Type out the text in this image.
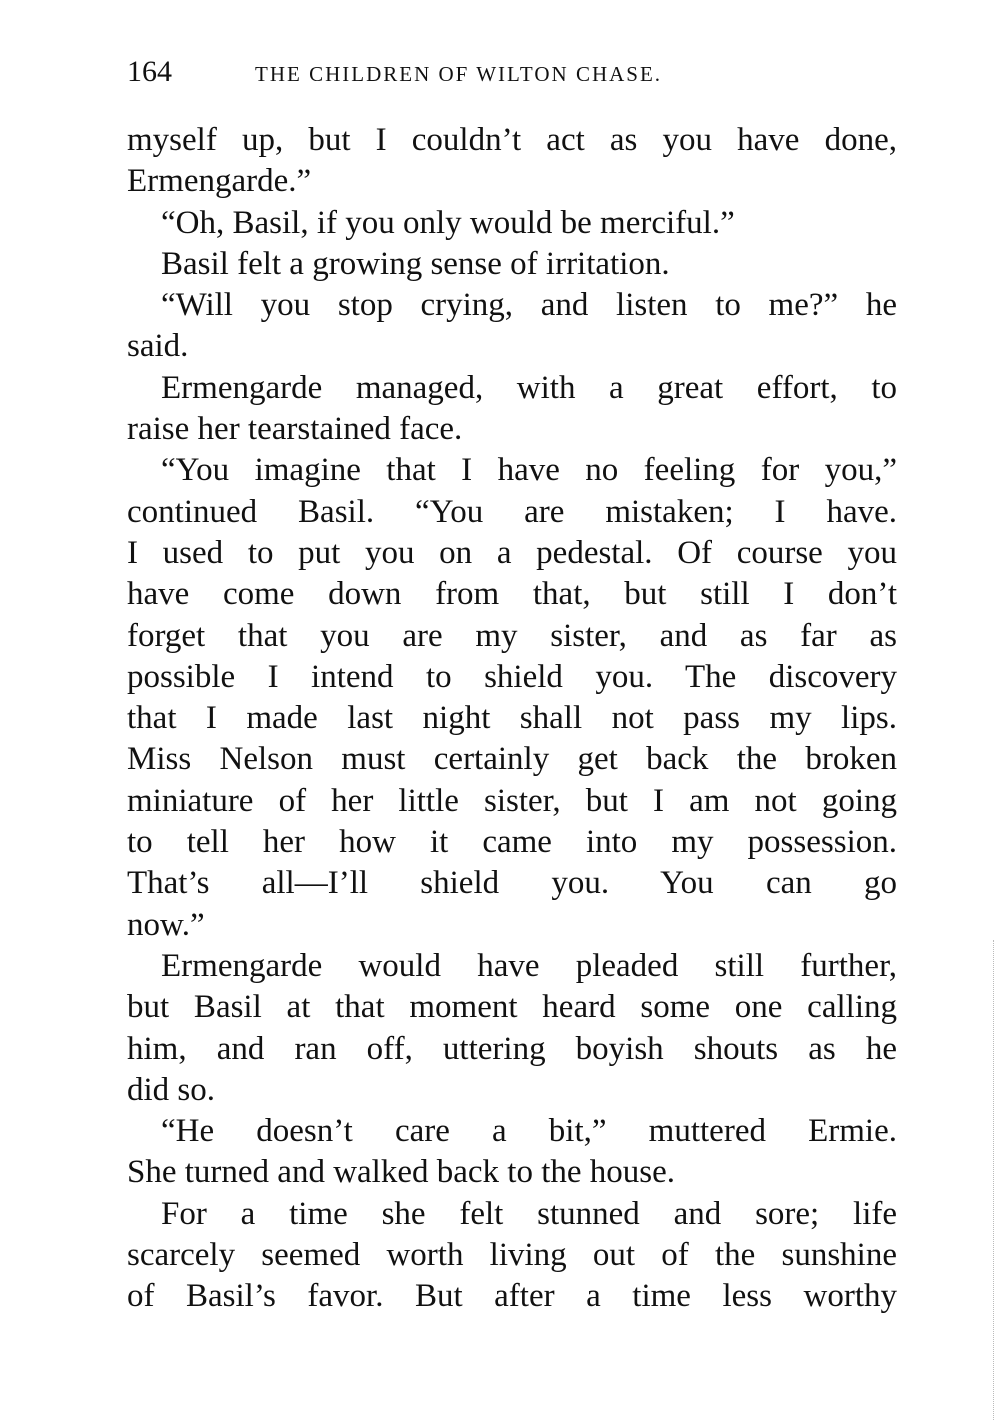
164	THE CHILDREN OF WILTON CHASE.
myself up, but I couldn’t act as you have done,
Ermengarde.”
“Oh, Basil, if you only would be merciful.”
Basil felt a growing sense of irritation.
“Will you stop crying, and listen to me?” he
said.
Ermengarde managed, with a great effort, to
raise her tearstained face.
“You imagine that I have no feeling for you,”
continued Basil. “You are mistaken; I have.
I used to put you on a pedestal. Of course you
have come down from that, but still I don’t
forget that you are my sister, and as far as
possible I intend to shield you. The discovery
that I made last night shall not pass my lips.
Miss Nelson must certainly get back the broken
miniature of her little sister, but I am not going
to tell her how it came into my possession.
That’s all—I’ll shield you. You can go
now.”
Ermengarde would have pleaded still further,
but Basil at that moment heard some one calling
him, and ran off, uttering boyish shouts as he
did so.
“He doesn’t care a bit,” muttered Ermie.
She turned and walked back to the house.
For a time she felt stunned and sore; life
scarcely seemed worth living out of the sunshine
of Basil’s favor. But after a time less worthy
